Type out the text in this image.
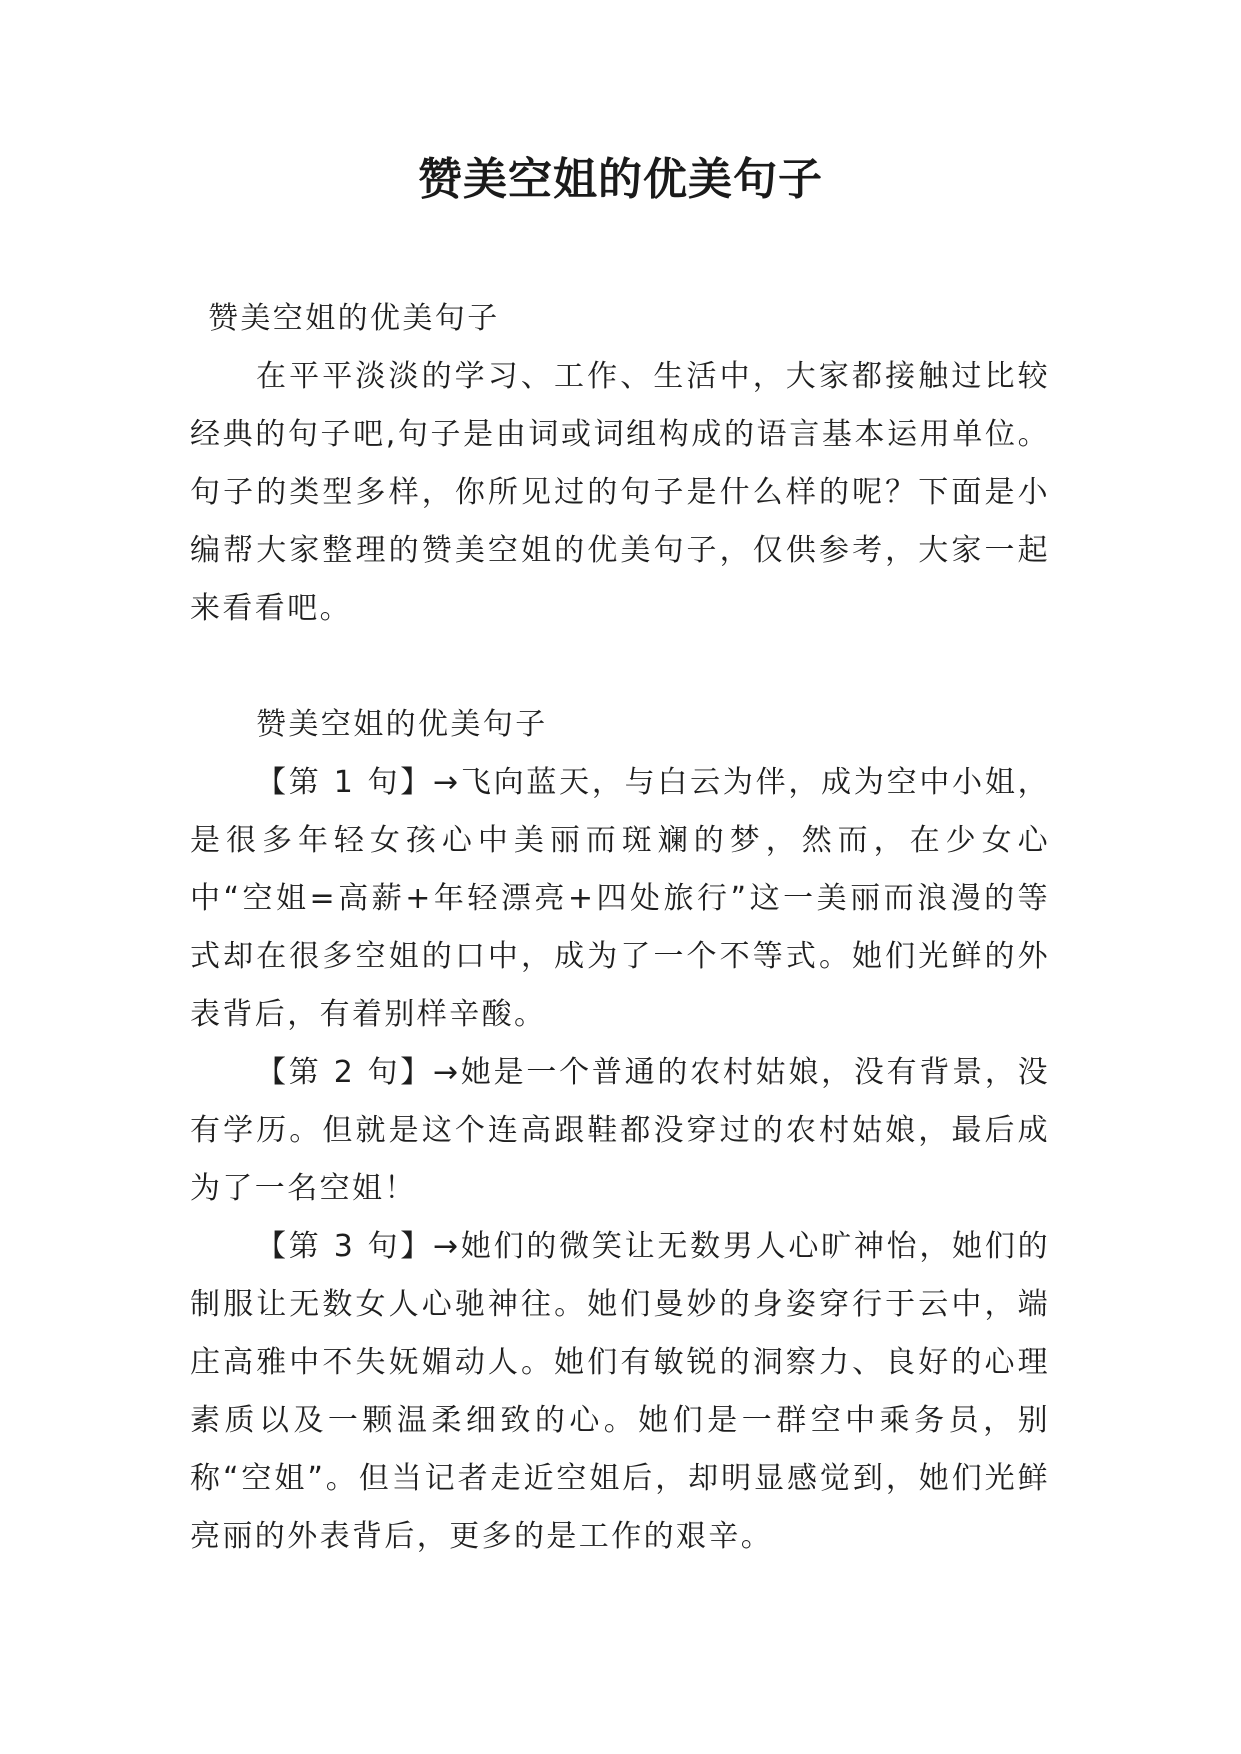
赞美空姐的优美句子

赞美空姐的优美句子

在平平淡淡的学习、工作、生活中，大家都接触过比较经典的句子吧,句子是由词或词组构成的语言基本运用单位。句子的类型多样，你所见过的句子是什么样的呢？下面是小编帮大家整理的赞美空姐的优美句子，仅供参考，大家一起来看看吧。

赞美空姐的优美句子

【第 1 句】→飞向蓝天，与白云为伴，成为空中小姐，是很多年轻女孩心中美丽而斑斓的梦，然而，在少女心中“空姐=高薪+年轻漂亮+四处旅行”这一美丽而浪漫的等式却在很多空姐的口中，成为了一个不等式。她们光鲜的外表背后，有着别样辛酸。

【第 2 句】→她是一个普通的农村姑娘，没有背景，没有学历。但就是这个连高跟鞋都没穿过的农村姑娘，最后成为了一名空姐！

【第 3 句】→她们的微笑让无数男人心旷神怡，她们的制服让无数女人心驰神往。她们曼妙的身姿穿行于云中，端庄高雅中不失妩媚动人。她们有敏锐的洞察力、良好的心理素质以及一颗温柔细致的心。她们是一群空中乘务员，别称“空姐”。但当记者走近空姐后，却明显感觉到，她们光鲜亮丽的外表背后，更多的是工作的艰辛。
